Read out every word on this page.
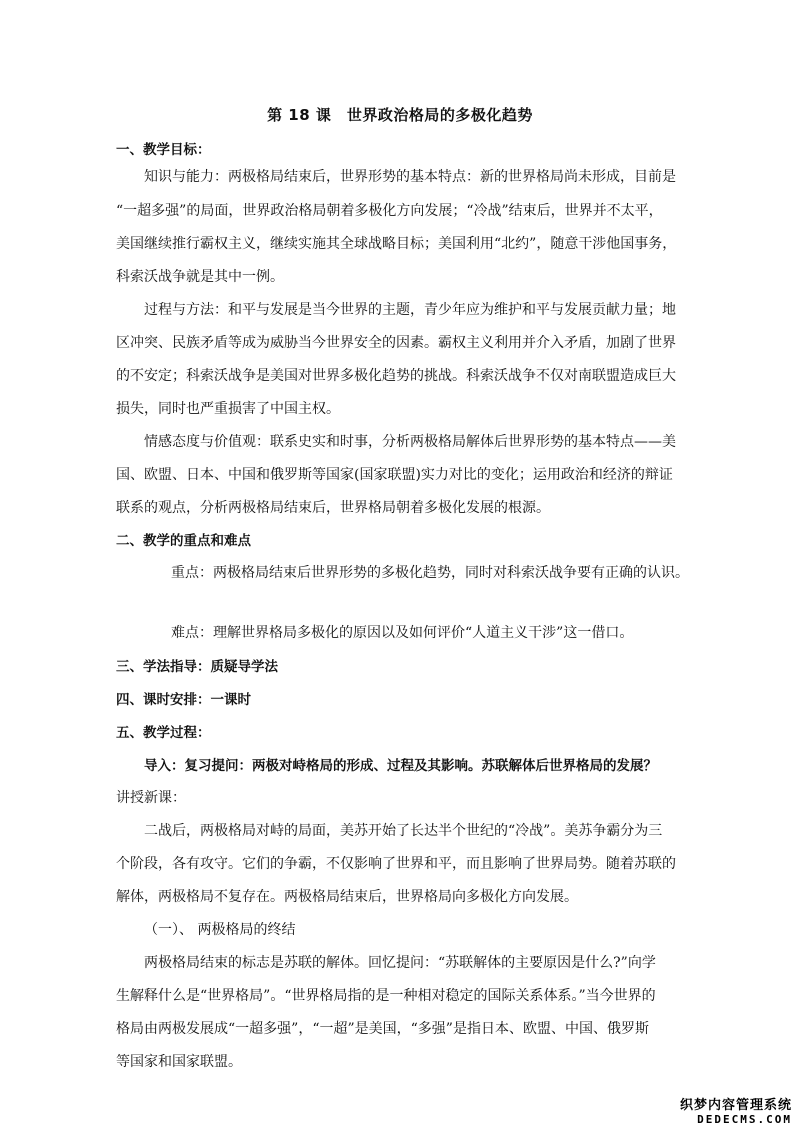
第 18 课　世界政治格局的多极化趋势
一、教学目标：
知识与能力：两极格局结束后，世界形势的基本特点：新的世界格局尚未形成，目前是
“一超多强”的局面，世界政治格局朝着多极化方向发展；“冷战”结束后，世界并不太平，
美国继续推行霸权主义，继续实施其全球战略目标；美国利用“北约”，随意干涉他国事务，
科索沃战争就是其中一例。
过程与方法：和平与发展是当今世界的主题，青少年应为维护和平与发展贡献力量；地
区冲突、民族矛盾等成为威胁当今世界安全的因素。霸权主义利用并介入矛盾，加剧了世界
的不安定；科索沃战争是美国对世界多极化趋势的挑战。科索沃战争不仅对南联盟造成巨大
损失，同时也严重损害了中国主权。
情感态度与价值观：联系史实和时事，分析两极格局解体后世界形势的基本特点——美
国、欧盟、日本、中国和俄罗斯等国家(国家联盟)实力对比的变化；运用政治和经济的辩证
联系的观点，分析两极格局结束后，世界格局朝着多极化发展的根源。
二、教学的重点和难点
重点：两极格局结束后世界形势的多极化趋势，同时对科索沃战争要有正确的认识。
难点：理解世界格局多极化的原因以及如何评价“人道主义干涉”这一借口。
三、学法指导：质疑导学法
四、课时安排：一课时
五、教学过程：
导入：复习提问：两极对峙格局的形成、过程及其影响。苏联解体后世界格局的发展？
讲授新课：
二战后，两极格局对峙的局面，美苏开始了长达半个世纪的“冷战”。美苏争霸分为三
个阶段，各有攻守。它们的争霸，不仅影响了世界和平，而且影响了世界局势。随着苏联的
解体，两极格局不复存在。两极格局结束后，世界格局向多极化方向发展。
（一）、 两极格局的终结
两极格局结束的标志是苏联的解体。回忆提问：“苏联解体的主要原因是什么?”向学
生解释什么是“世界格局”。“世界格局指的是一种相对稳定的国际关系体系。”当今世界的
格局由两极发展成“一超多强”，“一超”是美国，“多强”是指日本、欧盟、中国、俄罗斯
等国家和国家联盟。
织梦内容管理系统
DEDECMS.COM
